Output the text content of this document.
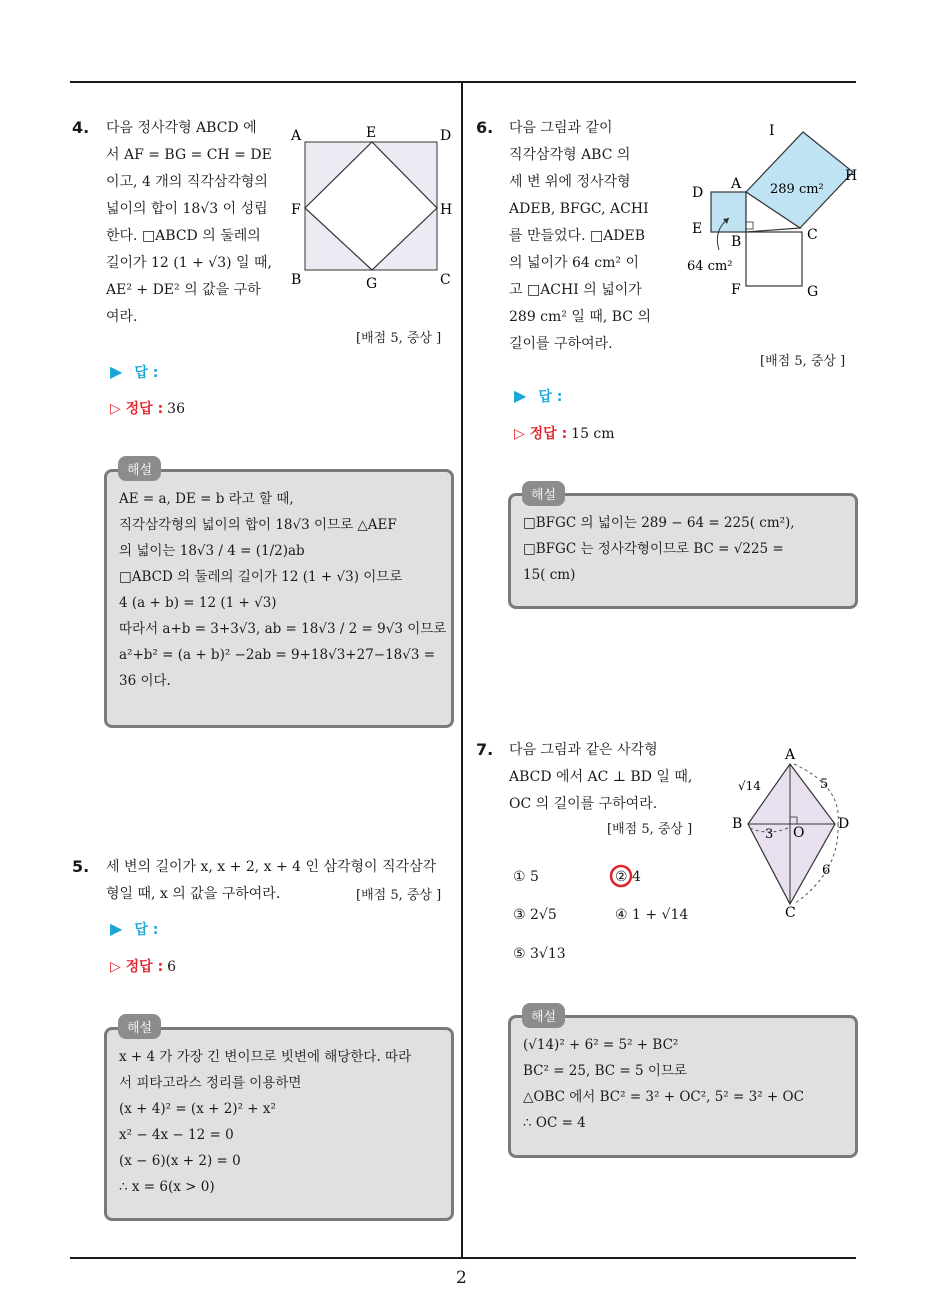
2
4. 다음 정사각형 ABCD 에
서 AF = BG = CH = DE
이고, 4 개의 직각삼각형의
넓이의 합이 18√3 이 성립
한다. □ABCD 의 둘레의
길이가 12 (1 + √3) 일 때,
AE² + DE² 의 값을 구하
여라.
A	E	D
F	H
B	G	C
[배점 5, 중상 ]
▶ 답 :
▷ 정답 : 36
AE = a, DE = b 라고 할 때,
직각삼각형의 넓이의 합이 18√3 이므로 △AEF
의 넓이는 18√3 / 4 = (1/2)ab
□ABCD 의 둘레의 길이가 12 (1 + √3) 이므로
4 (a + b) = 12 (1 + √3)
따라서 a+b = 3+3√3, ab = 18√3 / 2 = 9√3 이므로
a²+b² = (a + b)² −2ab = 9+18√3+27−18√3 =
36 이다.
해설
5. 세 변의 길이가 x, x + 2, x + 4 인 삼각형이 직각삼각
형일 때, x 의 값을 구하여라.	[배점 5, 중상 ]
▶ 답 :
▷ 정답 : 6
x + 4 가 가장 긴 변이므로 빗변에 해당한다. 따라
서 피타고라스 정리를 이용하면
(x + 4)² = (x + 2)² + x²
x² − 4x − 12 = 0
(x − 6)(x + 2) = 0
∴ x = 6(x > 0)
해설
6. 다음 그림과 같이
직각삼각형 ABC 의
세 변 위에 정사각형
ADEB, BFGC, ACHI
를 만들었다. □ADEB
의 넓이가 64 cm² 이
고 □ACHI 의 넓이가
289 cm² 일 때, BC 의
길이를 구하여라.
I
H
A
D
E
B	C
F	G
289 cm²
64 cm²
[배점 5, 중상 ]
▶ 답 :
▷ 정답 : 15 cm
□BFGC 의 넓이는 289 − 64 = 225( cm²),
□BFGC 는 정사각형이므로 BC = √225 =
15( cm)
해설
7. 다음 그림과 같은 사각형
ABCD 에서 AC ⊥ BD 일 때,
OC 의 길이를 구하여라.
[배점 5, 중상 ]
A
B	D
C
O
√14	5
3
6
① 5	② 4
③ 2√5	④ 1 + √14
⑤ 3√13
(√14)² + 6² = 5² + BC²
BC² = 25, BC = 5 이므로
△OBC 에서 BC² = 3² + OC², 5² = 3² + OC
∴ OC = 4
해설
